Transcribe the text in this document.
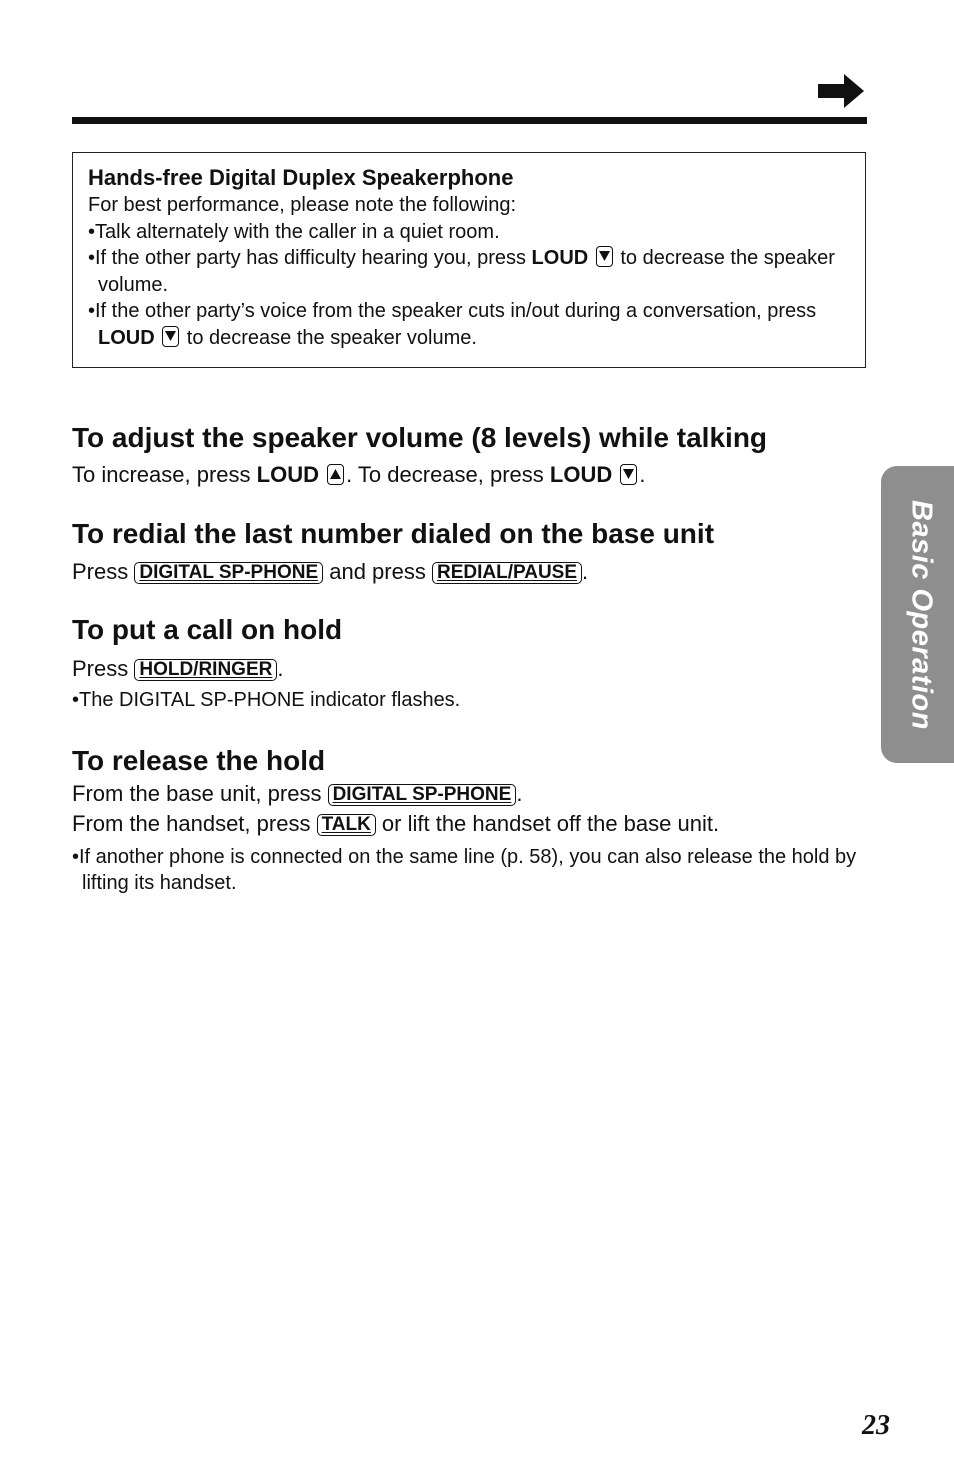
Hands-free Digital Duplex Speakerphone
For best performance, please note the following:
•Talk alternately with the caller in a quiet room.
•If the other party has difficulty hearing you, press LOUD
to decrease the speaker volume.
•If the other party’s voice from the speaker cuts in/out during a conversation, press LOUD
to decrease the speaker volume.
To adjust the speaker volume (8 levels) while talking
To increase, press LOUD . To decrease, press LOUD .
To redial the last number dialed on the base unit
Press DIGITAL SP-PHONE and press REDIAL/PAUSE .
To put a call on hold
Press HOLD/RINGER .
•The DIGITAL SP-PHONE indicator flashes.
To release the hold
From the base unit, press DIGITAL SP-PHONE .
From the handset, press TALK or lift the handset off the base unit.
•If another phone is connected on the same line (p. 58), you can also release the hold by lifting its handset.
Basic Operation
23
